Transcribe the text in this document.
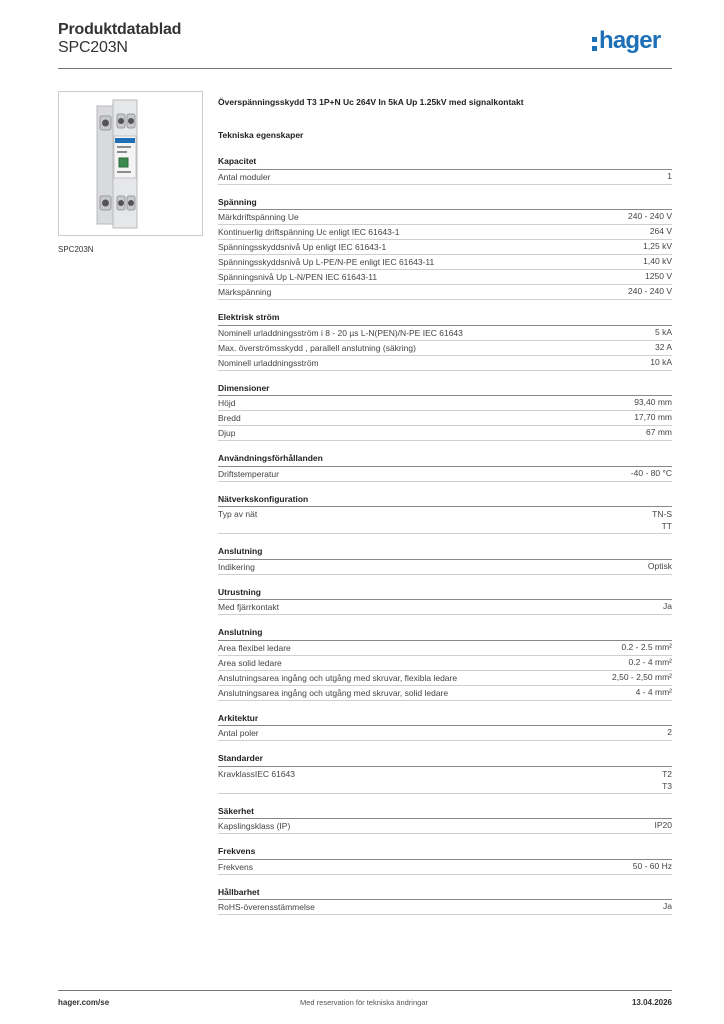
Produktdatablad
SPC203N	hager
SPC203N
Överspänningsskydd T3 1P+N Uc 264V In 5kA Up 1.25kV med signalkontakt
Tekniska egenskaper
Kapacitet
Antal moduler	1
Spänning
Märkdriftspänning Ue	240 - 240 V
Kontinuerlig driftspänning Uc enligt IEC 61643-1	264 V
Spänningsskyddsnivå Up enligt IEC 61643-1	1,25 kV
Spänningsskyddsnivå Up L-PE/N-PE enligt IEC 61643-11	1,40 kV
Spänningsnivå Up L-N/PEN IEC 61643-11	1250 V
Märkspänning	240 - 240 V
Elektrisk ström
Nominell urladdningsström i 8 - 20 µs L-N(PEN)/N-PE IEC 61643	5 kA
Max. överströmsskydd , parallell anslutning (säkring)	32 A
Nominell urladdningsström	10 kA
Dimensioner
Höjd	93,40 mm
Bredd	17,70 mm
Djup	67 mm
Användningsförhållanden
Driftstemperatur	-40 - 80 °C
Nätverkskonfiguration
Typ av nät	TN-S
TT
Anslutning
Indikering	Optisk
Utrustning
Med fjärrkontakt	Ja
Anslutning
Area flexibel ledare	0.2 - 2.5 mm²
Area solid ledare	0.2 - 4 mm²
Anslutningsarea ingång och utgång med skruvar, flexibla ledare	2,50 - 2,50 mm²
Anslutningsarea ingång och utgång med skruvar, solid ledare	4 - 4 mm²
Arkitektur
Antal poler	2
Standarder
KravklassIEC 61643	T2
T3
Säkerhet
Kapslingsklass (IP)	IP20
Frekvens
Frekvens	50 - 60 Hz
Hållbarhet
RoHS-överensstämmelse	Ja
hager.com/se	Med reservation för tekniska ändringar	13.04.2026
